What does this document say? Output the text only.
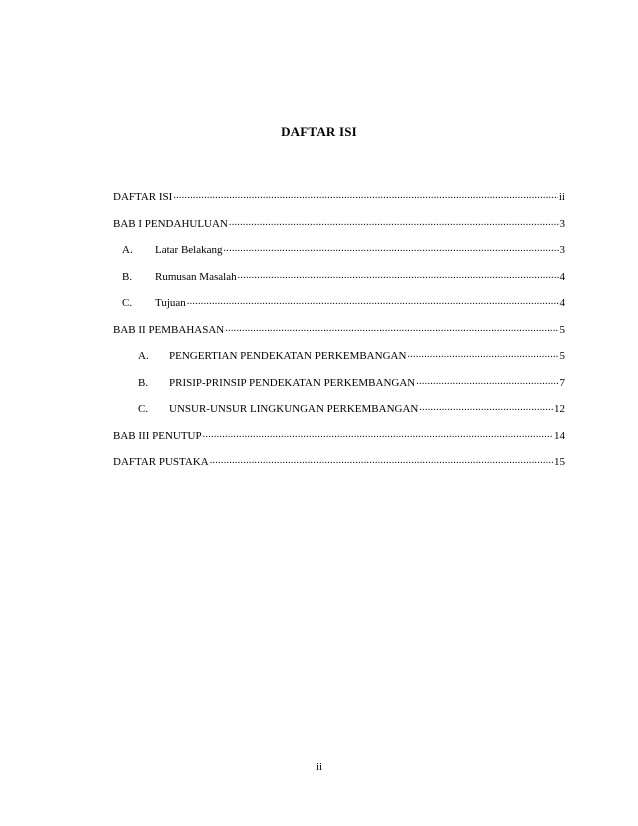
DAFTAR ISI
DAFTAR ISI .....	ii
BAB I PENDAHULUAN .....	3
A.	Latar Belakang .....	3
B.	Rumusan Masalah .....	4
C.	Tujuan .....	4
BAB II PEMBAHASAN .....	5
A.	PENGERTIAN PENDEKATAN PERKEMBANGAN .....	5
B.	PRISIP-PRINSIP PENDEKATAN PERKEMBANGAN .....	7
C.	UNSUR-UNSUR LINGKUNGAN PERKEMBANGAN .....	12
BAB III PENUTUP .....	14
DAFTAR PUSTAKA .....	15
ii
